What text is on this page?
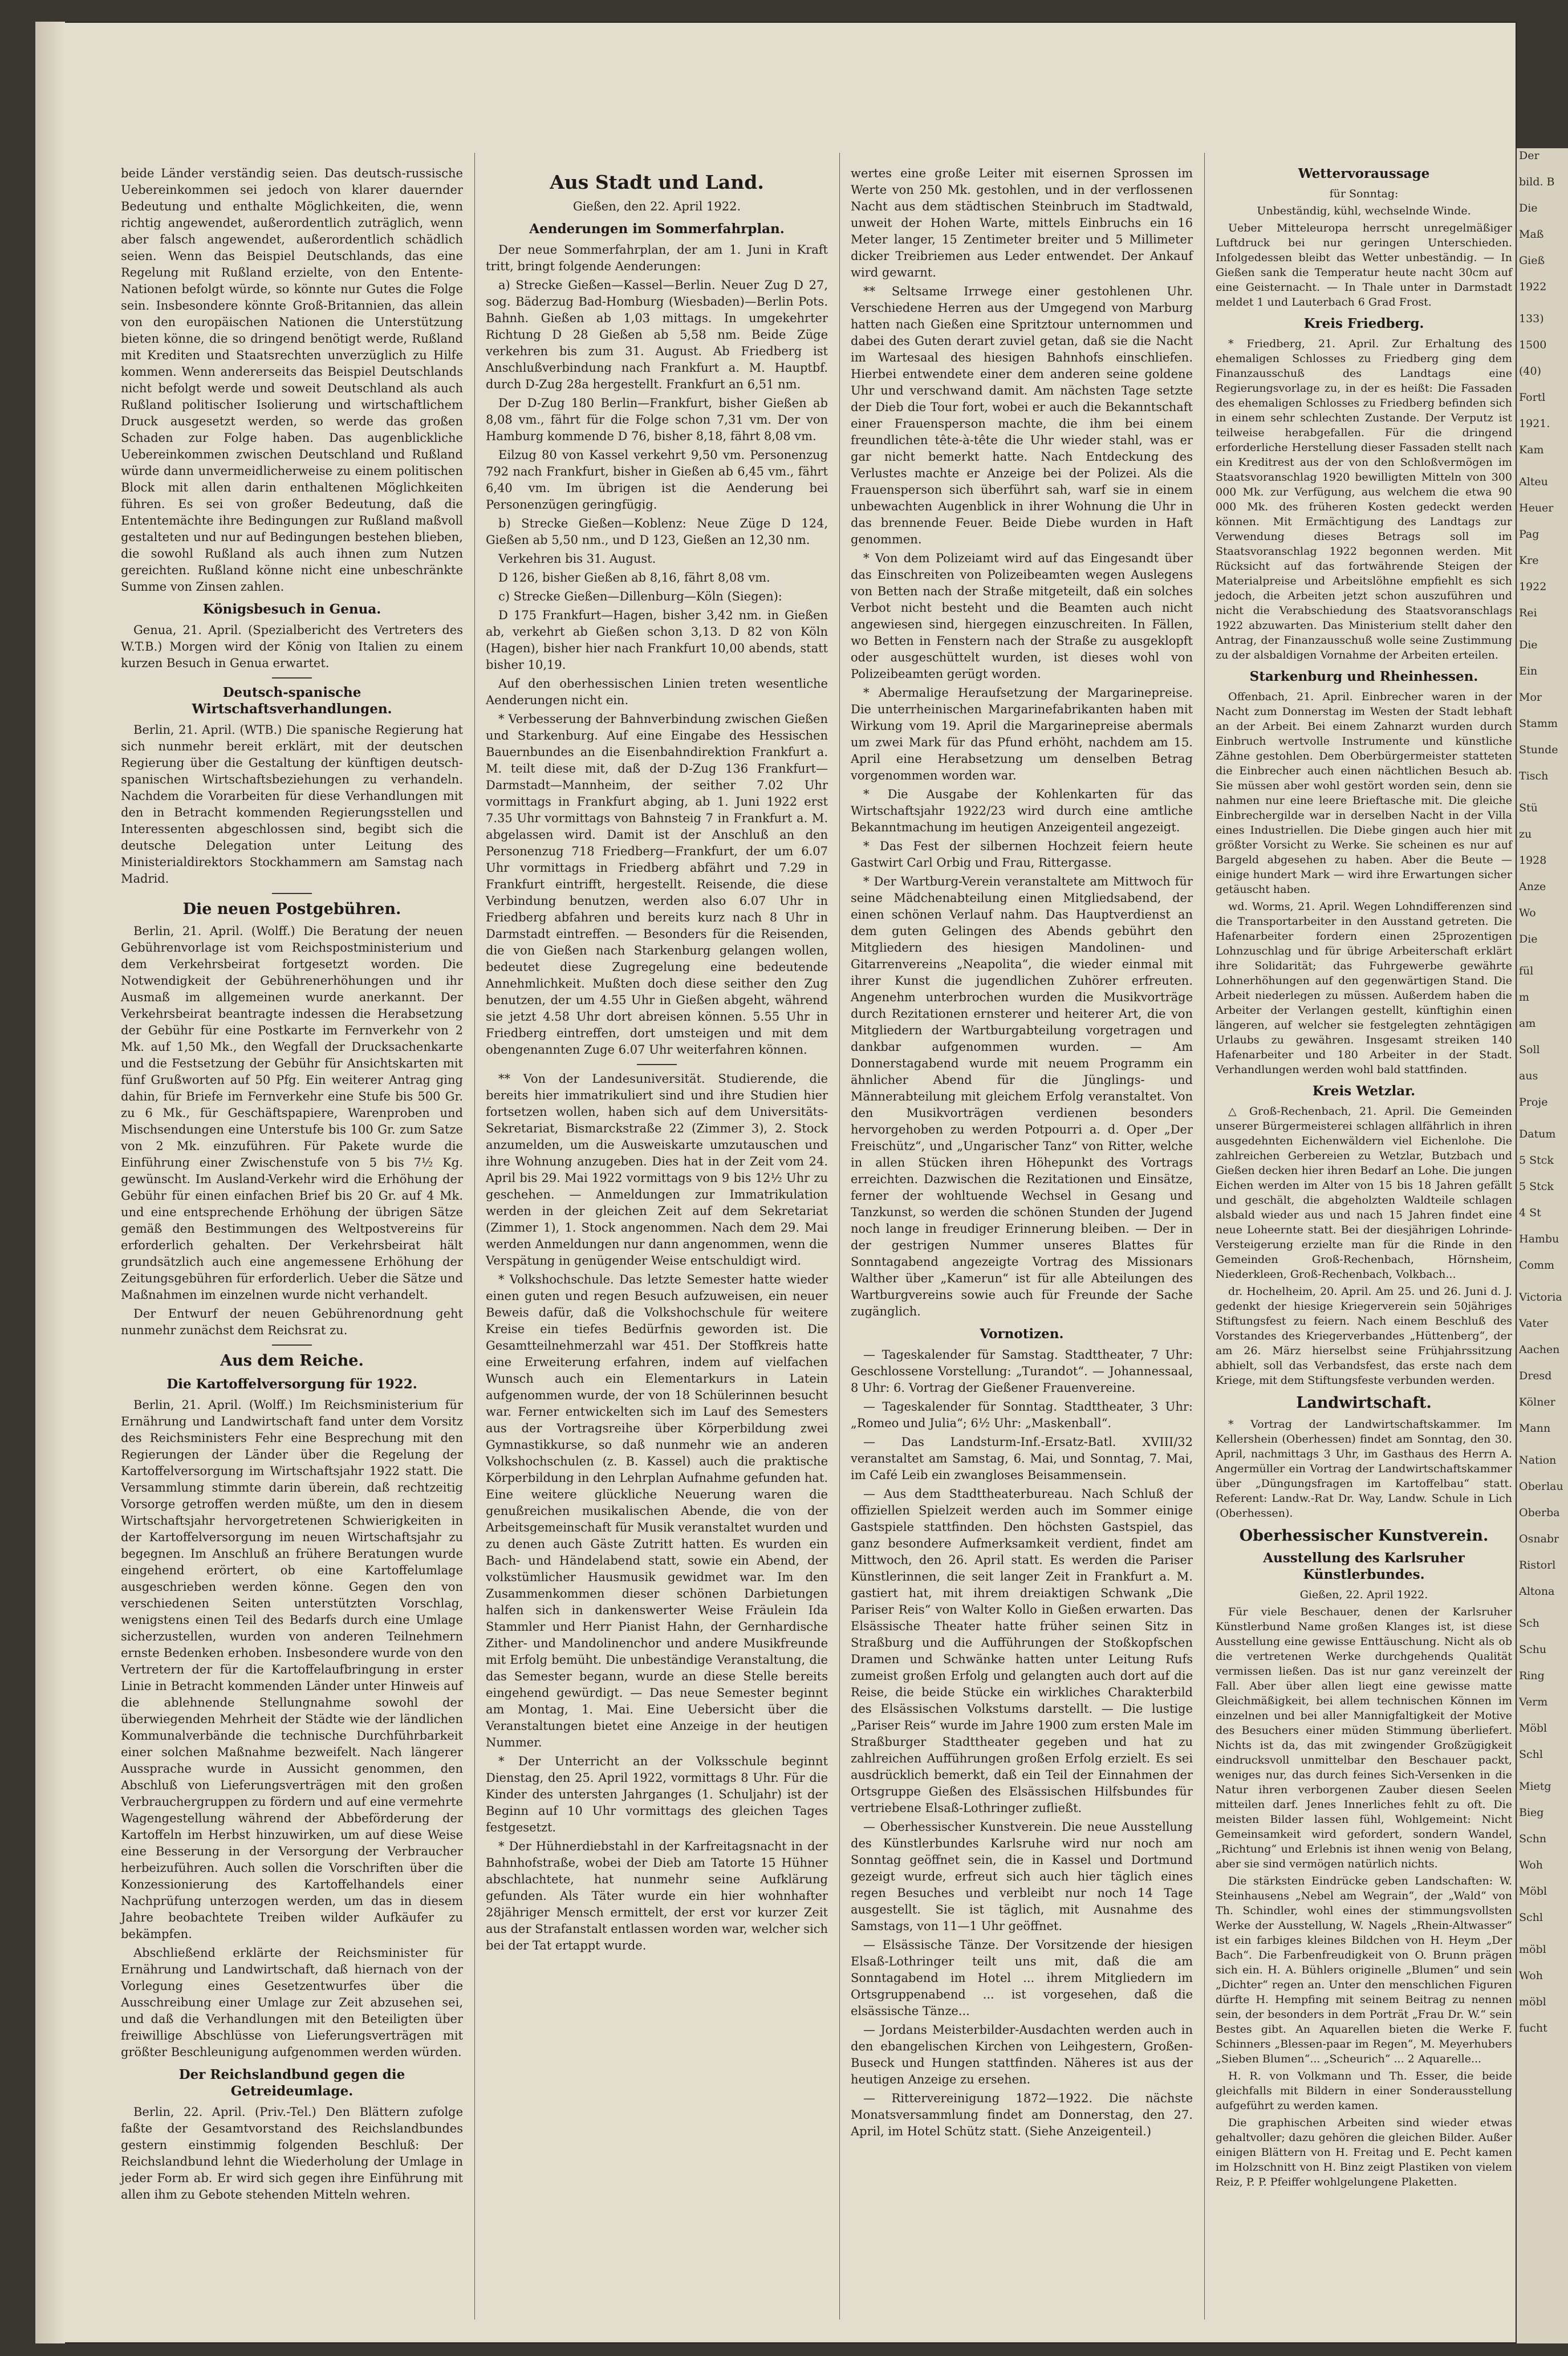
beide Länder verständig seien. Das deutsch-russische Uebereinkommen sei jedoch von klarer dauernder Bedeutung und enthalte Möglichkeiten, die, wenn richtig angewendet, außerordentlich zuträglich, wenn aber falsch angewendet, außerordentlich schädlich seien. Wenn das Beispiel Deutschlands, das eine Regelung mit Rußland erzielte, von den Entente-Nationen befolgt würde, so könnte nur Gutes die Folge sein. Insbesondere könnte Groß-Britannien, das allein von den europäischen Nationen die Unterstützung bieten könne, die so dringend benötigt werde, Rußland mit Krediten und Staatsrechten unverzüglich zu Hilfe kommen. Wenn andererseits das Beispiel Deutschlands nicht befolgt werde und soweit Deutschland als auch Rußland politischer Isolierung und wirtschaftlichem Druck ausgesetzt werden, so werde das großen Schaden zur Folge haben. Das augenblickliche Uebereinkommen zwischen Deutschland und Rußland würde dann unvermeidlicherweise zu einem politischen Block mit allen darin enthaltenen Möglichkeiten führen. Es sei von großer Bedeutung, daß die Ententemächte ihre Bedingungen zur Rußland maßvoll gestalteten und nur auf Bedingungen bestehen blieben, die sowohl Rußland als auch ihnen zum Nutzen gereichten. Rußland könne nicht eine unbeschränkte Summe von Zinsen zahlen.

Königsbesuch in Genua.

Genua, 21. April. (Spezialbericht des Vertreters des W.T.B.) Morgen wird der König von Italien zu einem kurzen Besuch in Genua erwartet.

Deutsch-spanische Wirtschaftsverhandlungen.

Berlin, 21. April. (WTB.) Die spanische Regierung hat sich nunmehr bereit erklärt, mit der deutschen Regierung über die Gestaltung der künftigen deutsch-spanischen Wirtschaftsbeziehungen zu verhandeln. Nachdem die Vorarbeiten für diese Verhandlungen mit den in Betracht kommenden Regierungsstellen und Interessenten abgeschlossen sind, begibt sich die deutsche Delegation unter Leitung des Ministerialdirektors Stockhammern am Samstag nach Madrid.

Die neuen Postgebühren.

Berlin, 21. April. (Wolff.) Die Beratung der neuen Gebührenvorlage ist vom Reichspostministerium und dem Verkehrsbeirat fortgesetzt worden. Die Notwendigkeit der Gebührenerhöhungen und ihr Ausmaß im allgemeinen wurde anerkannt. Der Verkehrsbeirat beantragte indessen die Herabsetzung der Gebühr für eine Postkarte im Fernverkehr von 2 Mk. auf 1,50 Mk., den Wegfall der Drucksachenkarte und die Festsetzung der Gebühr für Ansichtskarten mit fünf Grußworten auf 50 Pfg. Ein weiterer Antrag ging dahin, für Briefe im Fernverkehr eine Stufe bis 500 Gr. zu 6 Mk., für Geschäftspapiere, Warenproben und Mischsendungen eine Unterstufe bis 100 Gr. zum Satze von 2 Mk. einzuführen. Für Pakete wurde die Einführung einer Zwischenstufe von 5 bis 7½ Kg. gewünscht. Im Ausland-Verkehr wird die Erhöhung der Gebühr für einen einfachen Brief bis 20 Gr. auf 4 Mk. und eine entsprechende Erhöhung der übrigen Sätze gemäß den Bestimmungen des Weltpostvereins für erforderlich gehalten. Der Verkehrsbeirat hält grundsätzlich auch eine angemessene Erhöhung der Zeitungsgebühren für erforderlich. Ueber die Sätze und Maßnahmen im einzelnen wurde nicht verhandelt.

Der Entwurf der neuen Gebührenordnung geht nunmehr zunächst dem Reichsrat zu.

Aus dem Reiche.
Die Kartoffelversorgung für 1922.

Berlin, 21. April. (Wolff.) Im Reichsministerium für Ernährung und Landwirtschaft fand unter dem Vorsitz des Reichsministers Fehr eine Besprechung mit den Regierungen der Länder über die Regelung der Kartoffelversorgung im Wirtschaftsjahr 1922 statt. Die Versammlung stimmte darin überein, daß rechtzeitig Vorsorge getroffen werden müßte, um den in diesem Wirtschaftsjahr hervorgetretenen Schwierigkeiten in der Kartoffelversorgung im neuen Wirtschaftsjahr zu begegnen. Im Anschluß an frühere Beratungen wurde eingehend erörtert, ob eine Kartoffelumlage ausgeschrieben werden könne. Gegen den von verschiedenen Seiten unterstützten Vorschlag, wenigstens einen Teil des Bedarfs durch eine Umlage sicherzustellen, wurden von anderen Teilnehmern ernste Bedenken erhoben. Insbesondere wurde von den Vertretern der für die Kartoffelaufbringung in erster Linie in Betracht kommenden Länder unter Hinweis auf die ablehnende Stellungnahme sowohl der überwiegenden Mehrheit der Städte wie der ländlichen Kommunalverbände die technische Durchführbarkeit einer solchen Maßnahme bezweifelt. Nach längerer Aussprache wurde in Aussicht genommen, den Abschluß von Lieferungsverträgen mit den großen Verbrauchergruppen zu fördern und auf eine vermehrte Wagengestellung während der Abbeförderung der Kartoffeln im Herbst hinzuwirken, um auf diese Weise eine Besserung in der Versorgung der Verbraucher herbeizuführen. Auch sollen die Vorschriften über die Konzessionierung des Kartoffelhandels einer Nachprüfung unterzogen werden, um das in diesem Jahre beobachtete Treiben wilder Aufkäufer zu bekämpfen.

Abschließend erklärte der Reichsminister für Ernährung und Landwirtschaft, daß hiernach von der Vorlegung eines Gesetzentwurfes über die Ausschreibung einer Umlage zur Zeit abzusehen sei, und daß die Verhandlungen mit den Beteiligten über freiwillige Abschlüsse von Lieferungsverträgen mit größter Beschleunigung aufgenommen werden würden.

Der Reichslandbund gegen die Getreideumlage.

Berlin, 22. April. (Priv.-Tel.) Den Blättern zufolge faßte der Gesamtvorstand des Reichslandbundes gestern einstimmig folgenden Beschluß: Der Reichslandbund lehnt die Wiederholung der Umlage in jeder Form ab. Er wird sich gegen ihre Einführung mit allen ihm zu Gebote stehenden Mitteln wehren.

Aus Stadt und Land.

Gießen, den 22. April 1922.

Aenderungen im Sommerfahrplan.

Der neue Sommerfahrplan, der am 1. Juni in Kraft tritt, bringt folgende Aenderungen:

a) Strecke Gießen—Kassel—Berlin. Neuer Zug D 27, sog. Bäderzug Bad-Homburg (Wiesbaden)—Berlin Pots. Bahnh. Gießen ab 1,03 mittags. In umgekehrter Richtung D 28 Gießen ab 5,58 nm. Beide Züge verkehren bis zum 31. August. Ab Friedberg ist Anschlußverbindung nach Frankfurt a. M. Hauptbf. durch D-Zug 28a hergestellt. Frankfurt an 6,51 nm.

Der D-Zug 180 Berlin—Frankfurt, bisher Gießen ab 8,08 vm., fährt für die Folge schon 7,31 vm. Der von Hamburg kommende D 76, bisher 8,18, fährt 8,08 vm.

Eilzug 80 von Kassel verkehrt 9,50 vm. Personenzug 792 nach Frankfurt, bisher in Gießen ab 6,45 vm., fährt 6,40 vm. Im übrigen ist die Aenderung bei Personenzügen geringfügig.

b) Strecke Gießen—Koblenz: Neue Züge D 124, Gießen ab 5,50 nm., und D 123, Gießen an 12,30 nm.

Verkehren bis 31. August.

D 126, bisher Gießen ab 8,16, fährt 8,08 vm.

c) Strecke Gießen—Dillenburg—Köln (Siegen):

D 175 Frankfurt—Hagen, bisher 3,42 nm. in Gießen ab, verkehrt ab Gießen schon 3,13. D 82 von Köln (Hagen), bisher hier nach Frankfurt 10,00 abends, statt bisher 10,19.

Auf den oberhessischen Linien treten wesentliche Aenderungen nicht ein.

* Verbesserung der Bahnverbindung zwischen Gießen und Starkenburg. Auf eine Eingabe des Hessischen Bauernbundes an die Eisenbahndirektion Frankfurt a. M. teilt diese mit, daß der D-Zug 136 Frankfurt—Darmstadt—Mannheim, der seither 7.02 Uhr vormittags in Frankfurt abging, ab 1. Juni 1922 erst 7.35 Uhr vormittags von Bahnsteig 7 in Frankfurt a. M. abgelassen wird. Damit ist der Anschluß an den Personenzug 718 Friedberg—Frankfurt, der um 6.07 Uhr vormittags in Friedberg abfährt und 7.29 in Frankfurt eintrifft, hergestellt. Reisende, die diese Verbindung benutzen, werden also 6.07 Uhr in Friedberg abfahren und bereits kurz nach 8 Uhr in Darmstadt eintreffen. — Besonders für die Reisenden, die von Gießen nach Starkenburg gelangen wollen, bedeutet diese Zugregelung eine bedeutende Annehmlichkeit. Mußten doch diese seither den Zug benutzen, der um 4.55 Uhr in Gießen abgeht, während sie jetzt 4.58 Uhr dort abreisen können. 5.55 Uhr in Friedberg eintreffen, dort umsteigen und mit dem obengenannten Zuge 6.07 Uhr weiterfahren können.

** Von der Landesuniversität. Studierende, die bereits hier immatrikuliert sind und ihre Studien hier fortsetzen wollen, haben sich auf dem Universitäts-Sekretariat, Bismarckstraße 22 (Zimmer 3), 2. Stock anzumelden, um die Ausweiskarte umzutauschen und ihre Wohnung anzugeben. Dies hat in der Zeit vom 24. April bis 29. Mai 1922 vormittags von 9 bis 12½ Uhr zu geschehen. — Anmeldungen zur Immatrikulation werden in der gleichen Zeit auf dem Sekretariat (Zimmer 1), 1. Stock angenommen. Nach dem 29. Mai werden Anmeldungen nur dann angenommen, wenn die Verspätung in genügender Weise entschuldigt wird.

* Volkshochschule. Das letzte Semester hatte wieder einen guten und regen Besuch aufzuweisen, ein neuer Beweis dafür, daß die Volkshochschule für weitere Kreise ein tiefes Bedürfnis geworden ist. Die Gesamtteilnehmerzahl war 451. Der Stoffkreis hatte eine Erweiterung erfahren, indem auf vielfachen Wunsch auch ein Elementarkurs in Latein aufgenommen wurde, der von 18 Schülerinnen besucht war. Ferner entwickelten sich im Lauf des Semesters aus der Vortragsreihe über Körperbildung zwei Gymnastikkurse, so daß nunmehr wie an anderen Volkshochschulen (z. B. Kassel) auch die praktische Körperbildung in den Lehrplan Aufnahme gefunden hat. Eine weitere glückliche Neuerung waren die genußreichen musikalischen Abende, die von der Arbeitsgemeinschaft für Musik veranstaltet wurden und zu denen auch Gäste Zutritt hatten. Es wurden ein Bach- und Händelabend statt, sowie ein Abend, der volkstümlicher Hausmusik gewidmet war. Im den Zusammenkommen dieser schönen Darbietungen halfen sich in dankenswerter Weise Fräulein Ida Stammler und Herr Pianist Hahn, der Gernhardische Zither- und Mandolinenchor und andere Musikfreunde mit Erfolg bemüht. Die unbeständige Veranstaltung, die das Semester begann, wurde an diese Stelle bereits eingehend gewürdigt. — Das neue Semester beginnt am Montag, 1. Mai. Eine Uebersicht über die Veranstaltungen bietet eine Anzeige in der heutigen Nummer.

* Der Unterricht an der Volksschule beginnt Dienstag, den 25. April 1922, vormittags 8 Uhr. Für die Kinder des untersten Jahrganges (1. Schuljahr) ist der Beginn auf 10 Uhr vormittags des gleichen Tages festgesetzt.

* Der Hühnerdiebstahl in der Karfreitagsnacht in der Bahnhofstraße, wobei der Dieb am Tatorte 15 Hühner abschlachtete, hat nunmehr seine Aufklärung gefunden. Als Täter wurde ein hier wohnhafter 28jähriger Mensch ermittelt, der erst vor kurzer Zeit aus der Strafanstalt entlassen worden war, welcher sich bei der Tat ertappt wurde.

wertes eine große Leiter mit eisernen Sprossen im Werte von 250 Mk. gestohlen, und in der verflossenen Nacht aus dem städtischen Steinbruch im Stadtwald, unweit der Hohen Warte, mittels Einbruchs ein 16 Meter langer, 15 Zentimeter breiter und 5 Millimeter dicker Treibriemen aus Leder entwendet. Der Ankauf wird gewarnt.

** Seltsame Irrwege einer gestohlenen Uhr. Verschiedene Herren aus der Umgegend von Marburg hatten nach Gießen eine Spritztour unternommen und dabei des Guten derart zuviel getan, daß sie die Nacht im Wartesaal des hiesigen Bahnhofs einschliefen. Hierbei entwendete einer dem anderen seine goldene Uhr und verschwand damit. Am nächsten Tage setzte der Dieb die Tour fort, wobei er auch die Bekanntschaft einer Frauensperson machte, die ihm bei einem freundlichen tête-à-tête die Uhr wieder stahl, was er gar nicht bemerkt hatte. Nach Entdeckung des Verlustes machte er Anzeige bei der Polizei. Als die Frauensperson sich überführt sah, warf sie in einem unbewachten Augenblick in ihrer Wohnung die Uhr in das brennende Feuer. Beide Diebe wurden in Haft genommen.

* Von dem Polizeiamt wird auf das Eingesandt über das Einschreiten von Polizeibeamten wegen Auslegens von Betten nach der Straße mitgeteilt, daß ein solches Verbot nicht besteht und die Beamten auch nicht angewiesen sind, hiergegen einzuschreiten. In Fällen, wo Betten in Fenstern nach der Straße zu ausgeklopft oder ausgeschüttelt wurden, ist dieses wohl von Polizeibeamten gerügt worden.

* Abermalige Heraufsetzung der Margarinepreise. Die unterrheinischen Margarinefabrikanten haben mit Wirkung vom 19. April die Margarinepreise abermals um zwei Mark für das Pfund erhöht, nachdem am 15. April eine Herabsetzung um denselben Betrag vorgenommen worden war.

* Die Ausgabe der Kohlenkarten für das Wirtschaftsjahr 1922/23 wird durch eine amtliche Bekanntmachung im heutigen Anzeigenteil angezeigt.

* Das Fest der silbernen Hochzeit feiern heute Gastwirt Carl Orbig und Frau, Rittergasse.

* Der Wartburg-Verein veranstaltete am Mittwoch für seine Mädchenabteilung einen Mitgliedsabend, der einen schönen Verlauf nahm. Das Hauptverdienst an dem guten Gelingen des Abends gebührt den Mitgliedern des hiesigen Mandolinen- und Gitarrenvereins „Neapolita“, die wieder einmal mit ihrer Kunst die jugendlichen Zuhörer erfreuten. Angenehm unterbrochen wurden die Musikvorträge durch Rezitationen ernsterer und heiterer Art, die von Mitgliedern der Wartburgabteilung vorgetragen und dankbar aufgenommen wurden. — Am Donnerstagabend wurde mit neuem Programm ein ähnlicher Abend für die Jünglings- und Männerabteilung mit gleichem Erfolg veranstaltet. Von den Musikvorträgen verdienen besonders hervorgehoben zu werden Potpourri a. d. Oper „Der Freischütz“, und „Ungarischer Tanz“ von Ritter, welche in allen Stücken ihren Höhepunkt des Vortrags erreichten. Dazwischen die Rezitationen und Einsätze, ferner der wohltuende Wechsel in Gesang und Tanzkunst, so werden die schönen Stunden der Jugend noch lange in freudiger Erinnerung bleiben. — Der in der gestrigen Nummer unseres Blattes für Sonntagabend angezeigte Vortrag des Missionars Walther über „Kamerun“ ist für alle Abteilungen des Wartburgvereins sowie auch für Freunde der Sache zugänglich.

Vornotizen.

— Tageskalender für Samstag. Stadttheater, 7 Uhr: Geschlossene Vorstellung: „Turandot“. — Johannessaal, 8 Uhr: 6. Vortrag der Gießener Frauenvereine.

— Tageskalender für Sonntag. Stadttheater, 3 Uhr: „Romeo und Julia“; 6½ Uhr: „Maskenball“.

— Das Landsturm-Inf.-Ersatz-Batl. XVIII/32 veranstaltet am Samstag, 6. Mai, und Sonntag, 7. Mai, im Café Leib ein zwangloses Beisammensein.

— Aus dem Stadttheaterbureau. Nach Schluß der offiziellen Spielzeit werden auch im Sommer einige Gastspiele stattfinden. Den höchsten Gastspiel, das ganz besondere Aufmerksamkeit verdient, findet am Mittwoch, den 26. April statt. Es werden die Pariser Künstlerinnen, die seit langer Zeit in Frankfurt a. M. gastiert hat, mit ihrem dreiaktigen Schwank „Die Pariser Reis“ von Walter Kollo in Gießen erwarten. Das Elsässische Theater hatte früher seinen Sitz in Straßburg und die Aufführungen der Stoßkopfschen Dramen und Schwänke hatten unter Leitung Rufs zumeist großen Erfolg und gelangten auch dort auf die Reise, die beide Stücke ein wirkliches Charakterbild des Elsässischen Volkstums darstellt. — Die lustige „Pariser Reis“ wurde im Jahre 1900 zum ersten Male im Straßburger Stadttheater gegeben und hat zu zahlreichen Aufführungen großen Erfolg erzielt. Es sei ausdrücklich bemerkt, daß ein Teil der Einnahmen der Ortsgruppe Gießen des Elsässischen Hilfsbundes für vertriebene Elsaß-Lothringer zufließt.

— Oberhessischer Kunstverein. Die neue Ausstellung des Künstlerbundes Karlsruhe wird nur noch am Sonntag geöffnet sein, die in Kassel und Dortmund gezeigt wurde, erfreut sich auch hier täglich eines regen Besuches und verbleibt nur noch 14 Tage ausgestellt. Sie ist täglich, mit Ausnahme des Samstags, von 11—1 Uhr geöffnet.

— Elsässische Tänze. Der Vorsitzende der hiesigen Elsaß-Lothringer teilt uns mit, daß die am Sonntagabend im Hotel ... ihrem Mitgliedern im Ortsgruppenabend ... ist vorgesehen, daß die elsässische Tänze...

— Jordans Meisterbilder-Ausdachten werden auch in den ebangelischen Kirchen von Leihgestern, Großen-Buseck und Hungen stattfinden. Näheres ist aus der heutigen Anzeige zu ersehen.

— Rittervereinigung 1872—1922. Die nächste Monatsversammlung findet am Donnerstag, den 27. April, im Hotel Schütz statt. (Siehe Anzeigenteil.)

Wettervoraussage

für Sonntag:

Unbeständig, kühl, wechselnde Winde.

Ueber Mitteleuropa herrscht unregelmäßiger Luftdruck bei nur geringen Unterschieden. Infolgedessen bleibt das Wetter unbeständig. — In Gießen sank die Temperatur heute nacht 30cm auf eine Geisternacht. — In Thale unter in Darmstadt meldet 1 und Lauterbach 6 Grad Frost.

Kreis Friedberg.

* Friedberg, 21. April. Zur Erhaltung des ehemaligen Schlosses zu Friedberg ging dem Finanzausschuß des Landtags eine Regierungsvorlage zu, in der es heißt: Die Fassaden des ehemaligen Schlosses zu Friedberg befinden sich in einem sehr schlechten Zustande. Der Verputz ist teilweise herabgefallen. Für die dringend erforderliche Herstellung dieser Fassaden stellt nach ein Kreditrest aus der von den Schloßvermögen im Staatsvoranschlag 1920 bewilligten Mitteln von 300 000 Mk. zur Verfügung, aus welchem die etwa 90 000 Mk. des früheren Kosten gedeckt werden können. Mit Ermächtigung des Landtags zur Verwendung dieses Betrags soll im Staatsvoranschlag 1922 begonnen werden. Mit Rücksicht auf das fortwährende Steigen der Materialpreise und Arbeitslöhne empfiehlt es sich jedoch, die Arbeiten jetzt schon auszuführen und nicht die Verabschiedung des Staatsvoranschlags 1922 abzuwarten. Das Ministerium stellt daher den Antrag, der Finanzausschuß wolle seine Zustimmung zu der alsbaldigen Vornahme der Arbeiten erteilen.

Starkenburg und Rheinhessen.

Offenbach, 21. April. Einbrecher waren in der Nacht zum Donnerstag im Westen der Stadt lebhaft an der Arbeit. Bei einem Zahnarzt wurden durch Einbruch wertvolle Instrumente und künstliche Zähne gestohlen. Dem Oberbürgermeister statteten die Einbrecher auch einen nächtlichen Besuch ab. Sie müssen aber wohl gestört worden sein, denn sie nahmen nur eine leere Brieftasche mit. Die gleiche Einbrechergilde war in derselben Nacht in der Villa eines Industriellen. Die Diebe gingen auch hier mit größter Vorsicht zu Werke. Sie scheinen es nur auf Bargeld abgesehen zu haben. Aber die Beute — einige hundert Mark — wird ihre Erwartungen sicher getäuscht haben.

wd. Worms, 21. April. Wegen Lohndifferenzen sind die Transportarbeiter in den Ausstand getreten. Die Hafenarbeiter fordern einen 25prozentigen Lohnzuschlag und für übrige Arbeiterschaft erklärt ihre Solidarität; das Fuhrgewerbe gewährte Lohnerhöhungen auf den gegenwärtigen Stand. Die Arbeit niederlegen zu müssen. Außerdem haben die Arbeiter der Verlangen gestellt, künftighin einen längeren, auf welcher sie festgelegten zehntägigen Urlaubs zu gewähren. Insgesamt streiken 140 Hafenarbeiter und 180 Arbeiter in der Stadt. Verhandlungen werden wohl bald stattfinden.

Kreis Wetzlar.

△ Groß-Rechenbach, 21. April. Die Gemeinden unserer Bürgermeisterei schlagen allfährlich in ihren ausgedehnten Eichenwäldern viel Eichenlohe. Die zahlreichen Gerbereien zu Wetzlar, Butzbach und Gießen decken hier ihren Bedarf an Lohe. Die jungen Eichen werden im Alter von 15 bis 18 Jahren gefällt und geschält, die abgeholzten Waldteile schlagen alsbald wieder aus und nach 15 Jahren findet eine neue Loheernte statt. Bei der diesjährigen Lohrinde-Versteigerung erzielte man für die Rinde in den Gemeinden Groß-Rechenbach, Hörnsheim, Niederkleen, Groß-Rechenbach, Volkbach...

dr. Hochelheim, 20. April. Am 25. und 26. Juni d. J. gedenkt der hiesige Kriegerverein sein 50jähriges Stiftungsfest zu feiern. Nach einem Beschluß des Vorstandes des Kriegerverbandes „Hüttenberg“, der am 26. März hierselbst seine Frühjahrssitzung abhielt, soll das Verbandsfest, das erste nach dem Kriege, mit dem Stiftungsfeste verbunden werden.

Landwirtschaft.

* Vortrag der Landwirtschaftskammer. Im Kellershein (Oberhessen) findet am Sonntag, den 30. April, nachmittags 3 Uhr, im Gasthaus des Herrn A. Angermüller ein Vortrag der Landwirtschaftskammer über „Düngungsfragen im Kartoffelbau“ statt. Referent: Landw.-Rat Dr. Way, Landw. Schule in Lich (Oberhessen).

Oberhessischer Kunstverein.
Ausstellung des Karlsruher Künstlerbundes.

Gießen, 22. April 1922.

Für viele Beschauer, denen der Karlsruher Künstlerbund Name großen Klanges ist, ist diese Ausstellung eine gewisse Enttäuschung. Nicht als ob die vertretenen Werke durchgehends Qualität vermissen ließen. Das ist nur ganz vereinzelt der Fall. Aber über allen liegt eine gewisse matte Gleichmäßigkeit, bei allem technischen Können im einzelnen und bei aller Mannigfaltigkeit der Motive des Besuchers einer müden Stimmung überliefert. Nichts ist da, das mit zwingender Großzügigkeit eindrucksvoll unmittelbar den Beschauer packt, weniges nur, das durch feines Sich-Versenken in die Natur ihren verborgenen Zauber diesen Seelen mitteilen darf. Jenes Innerliches fehlt zu oft. Die meisten Bilder lassen fühl, Wohlgemeint: Nicht Gemeinsamkeit wird gefordert, sondern Wandel, „Richtung“ und Erlebnis ist ihnen wenig von Belang, aber sie sind vermögen natürlich nichts.

Die stärksten Eindrücke geben Landschaften: W. Steinhausens „Nebel am Wegrain“, der „Wald“ von Th. Schindler, wohl eines der stimmungsvollsten Werke der Ausstellung, W. Nagels „Rhein-Altwasser“ ist ein farbiges kleines Bildchen von H. Heym „Der Bach“. Die Farbenfreudigkeit von O. Brunn prägen sich ein. H. A. Bühlers originelle „Blumen“ und sein „Dichter“ regen an. Unter den menschlichen Figuren dürfte H. Hempfing mit seinem Beitrag zu nennen sein, der besonders in dem Porträt „Frau Dr. W.“ sein Bestes gibt. An Aquarellen bieten die Werke F. Schinners „Blessen-paar im Regen“, M. Meyerhubers „Sieben Blumen“... „Scheurich“ ... 2 Aquarelle...

H. R. von Volkmann und Th. Esser, die beide gleichfalls mit Bildern in einer Sonderausstellung aufgeführt zu werden kamen.

Die graphischen Arbeiten sind wieder etwas gehaltvoller; dazu gehören die gleichen Bilder. Außer einigen Blättern von H. Freitag und E. Pecht kamen im Holzschnitt von H. Binz zeigt Plastiken von vielem Reiz, P. P. Pfeiffer wohlgelungene Plaketten.

Der
bild. B
Die
Maß
Gieß
1922
133)
1500
(40)
Fortl
1921.
Kam
Alteu
Heuer
Pag
Kre
1922
Rei
Die
Ein
Mor
Stamm
Stunde
Tisch
Stü
zu
1928
Anze
Wo
Die
fül
m
am
Soll
aus
Proje
Datum
5 Stck
5 Stck
4 St
Hambu
Comm
Victoria
Vater
Aachen
Dresd
Kölner
Mann
Nation
Oberlau
Oberba
Osnabr
Ristorl
Altona
Sch
Schu
Ring
Verm
Möbl
Schl
Mietg
Bieg
Schn
Woh
Möbl
Schl
möbl
Woh
möbl
fucht
